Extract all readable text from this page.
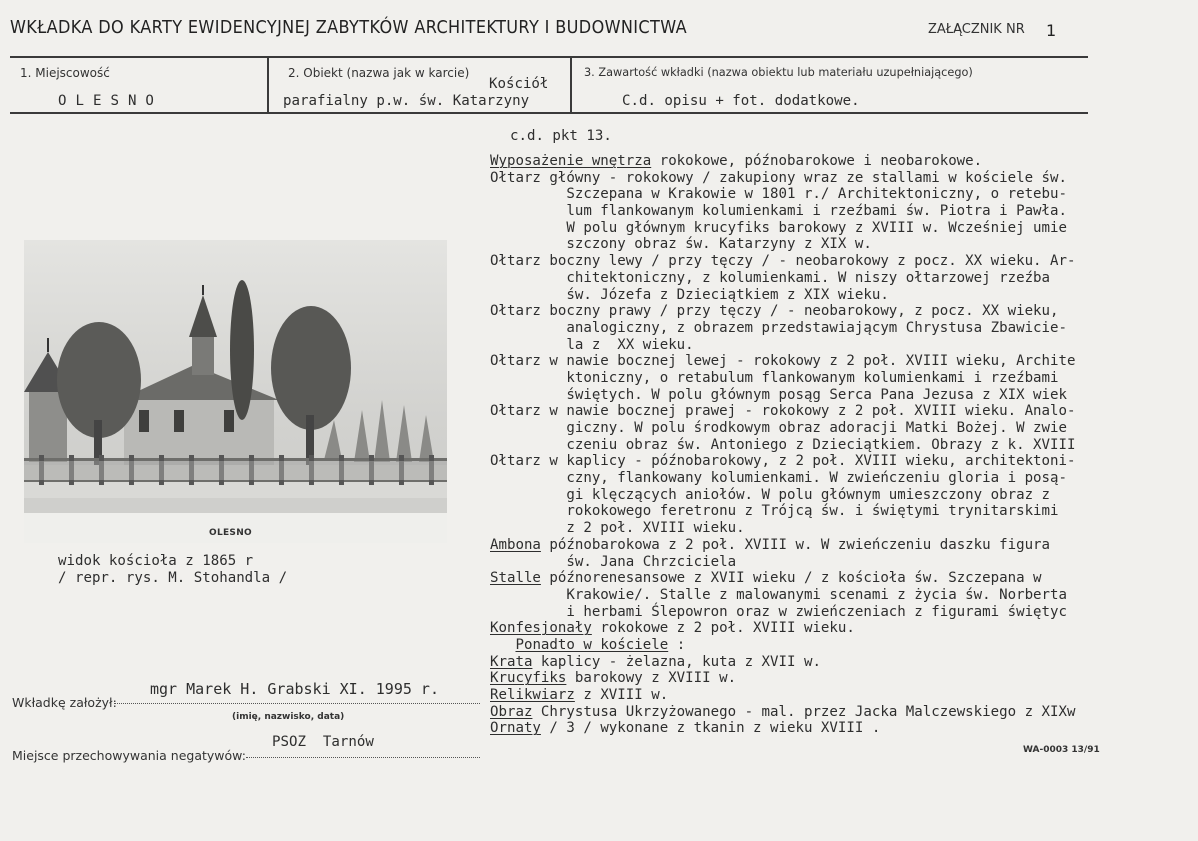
WKŁADKA DO KARTY EWIDENCYJNEJ ZABYTKÓW ARCHITEKTURY I BUDOWNICTWA	ZAŁĄCZNIK NR 1
1. Miejscowość
OLESNO
2. Obiekt (nazwa jak w karcie)
Kościół
parafialny p.w. św. Katarzyny
3. Zawartość wkładki (nazwa obiektu lub materiału uzupełniającego)
C.d. opisu + fot. dodatkowe.
OLESNO
widok kościoła z 1865 r
/ repr. rys. M. Stohandla /
c.d. pkt 13.
Wyposażenie wnętrza rokokowe, późnobarokowe i neobarokowe.
Ołtarz główny - rokokowy / zakupiony wraz ze stallami w kościele św.
Szczepana w Krakowie w 1801 r./ Architektoniczny, o retebu-
lum flankowanym kolumienkami i rzeźbami św. Piotra i Pawła.
W polu głównym krucyfiks barokowy z XVIII w. Wcześniej umie
szczony obraz św. Katarzyny z XIX w.
Ołtarz boczny lewy / przy tęczy / - neobarokowy z pocz. XX wieku. Ar-
chitektoniczny, z kolumienkami. W niszy ołtarzowej rzeźba
św. Józefa z Dzieciątkiem z XIX wieku.
Ołtarz boczny prawy / przy tęczy / - neobarokowy, z pocz. XX wieku,
analogiczny, z obrazem przedstawiającym Chrystusa Zbawicie-
la z  XX wieku.
Ołtarz w nawie bocznej lewej - rokokowy z 2 poł. XVIII wieku, Archite
ktoniczny, o retabulum flankowanym kolumienkami i rzeźbami
świętych. W polu głównym posąg Serca Pana Jezusa z XIX wiek
Ołtarz w nawie bocznej prawej - rokokowy z 2 poł. XVIII wieku. Analo-
giczny. W polu środkowym obraz adoracji Matki Bożej. W zwie
czeniu obraz św. Antoniego z Dzieciątkiem. Obrazy z k. XVIII
Ołtarz w kaplicy - późnobarokowy, z 2 poł. XVIII wieku, architektoni-
czny, flankowany kolumienkami. W zwieńczeniu gloria i posą-
gi klęczących aniołów. W polu głównym umieszczony obraz z
rokokowego feretronu z Trójcą św. i świętymi trynitarskimi
z 2 poł. XVIII wieku.
Ambona późnobarokowa z 2 poł. XVIII w. W zwieńczeniu daszku figura
św. Jana Chrzciciela
Stalle późnorenesansowe z XVII wieku / z kościoła św. Szczepana w
Krakowie/. Stalle z malowanymi scenami z życia św. Norberta
i herbami Ślepowron oraz w zwieńczeniach z figurami świętyc
Konfesjonały rokokowe z 2 poł. XVIII wieku.
Ponadto w kościele :
Krata kaplicy - żelazna, kuta z XVII w.
Krucyfiks barokowy z XVIII w.
Relikwiarz z XVIII w.
Obraz Chrystusa Ukrzyżowanego - mal. przez Jacka Malczewskiego z XIXw
Ornaty / 3 / wykonane z tkanin z wieku XVIII .
Wkładkę założył:
mgr Marek H. Grabski XI. 1995 r.
(imię, nazwisko, data)
Miejsce przechowywania negatywów:
PSOZ  Tarnów	WA-0003 13/91
